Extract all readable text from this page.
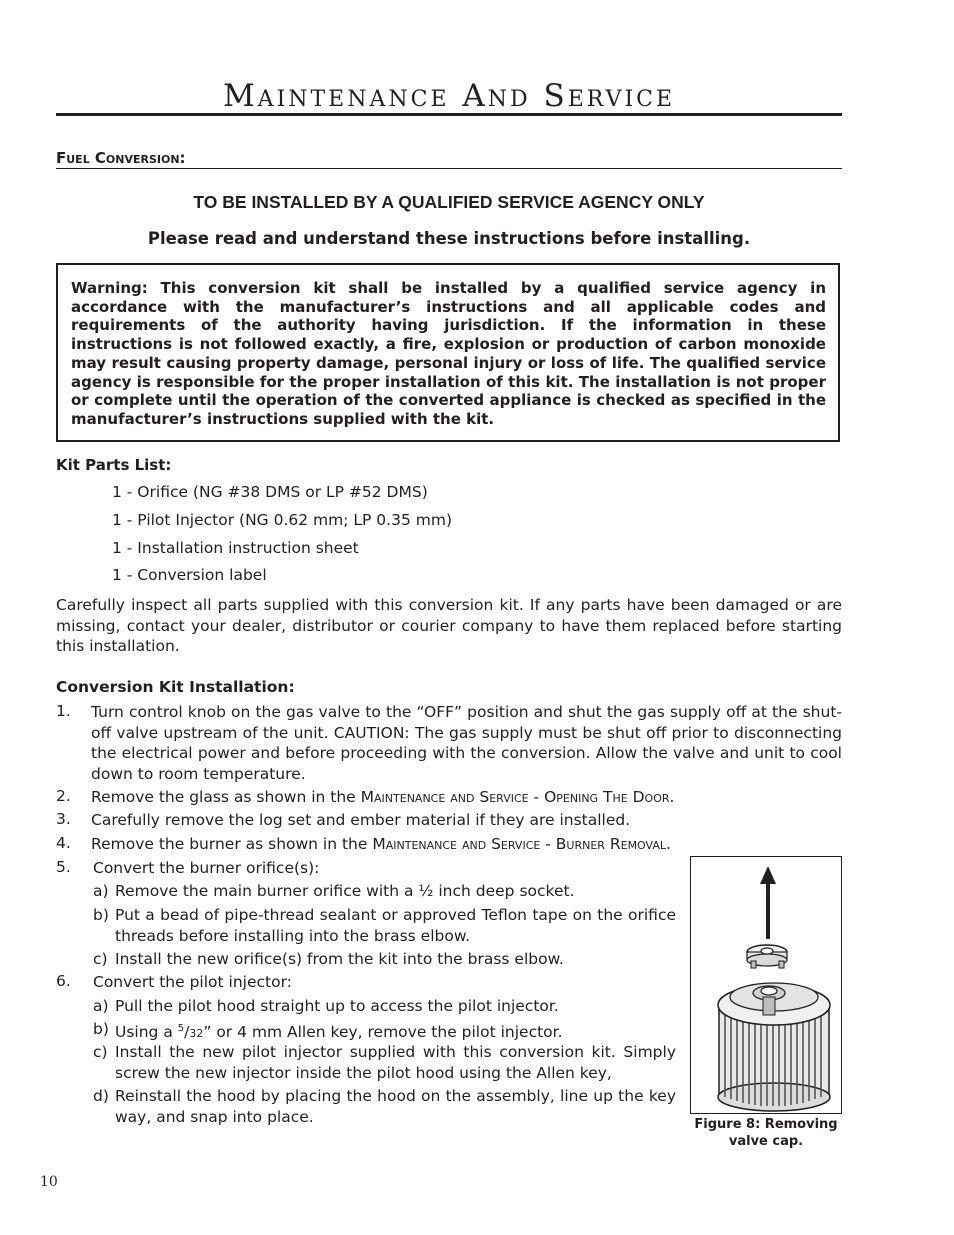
Maintenance And Service
Fuel Conversion:
TO BE INSTALLED BY A QUALIFIED SERVICE AGENCY ONLY
Please read and understand these instructions before installing.
Warning: This conversion kit shall be installed by a qualified service agency in accordance with the manufacturer’s instructions and all applicable codes and requirements of the authority having jurisdiction. If the information in these instructions is not followed exactly, a fire, explosion or production of carbon monoxide may result causing property damage, personal injury or loss of life. The qualified service agency is responsible for the proper installation of this kit. The installation is not proper or complete until the operation of the converted appliance is checked as specified in the manufacturer’s instructions supplied with the kit.
Kit Parts List:
1 - Orifice (NG #38 DMS or LP #52 DMS)
1 - Pilot Injector (NG 0.62 mm; LP 0.35 mm)
1 - Installation instruction sheet
1 - Conversion label
Carefully inspect all parts supplied with this conversion kit. If any parts have been damaged or are missing, contact your dealer, distributor or courier company to have them replaced before starting this installation.
Conversion Kit Installation:
1. Turn control knob on the gas valve to the “OFF” position and shut the gas supply off at the shut-off valve upstream of the unit. CAUTION: The gas supply must be shut off prior to disconnecting the electrical power and before proceeding with the conversion. Allow the valve and unit to cool down to room temperature.
2. Remove the glass as shown in the Maintenance and Service - Opening The Door.
3. Carefully remove the log set and ember material if they are installed.
4. Remove the burner as shown in the Maintenance and Service - Burner Removal.
5. Convert the burner orifice(s):
a) Remove the main burner orifice with a ½ inch deep socket.
b) Put a bead of pipe-thread sealant or approved Teflon tape on the orifice threads before installing into the brass elbow.
c) Install the new orifice(s) from the kit into the brass elbow.
6. Convert the pilot injector:
a) Pull the pilot hood straight up to access the pilot injector.
b) Using a $^5$/32” or 4 mm Allen key, remove the pilot injector.
c) Install the new pilot injector supplied with this conversion kit. Simply screw the new injector inside the pilot hood using the Allen key,
d) Reinstall the hood by placing the hood on the assembly, line up the key way, and snap into place.	Figure 8: Removing
valve cap.
10
